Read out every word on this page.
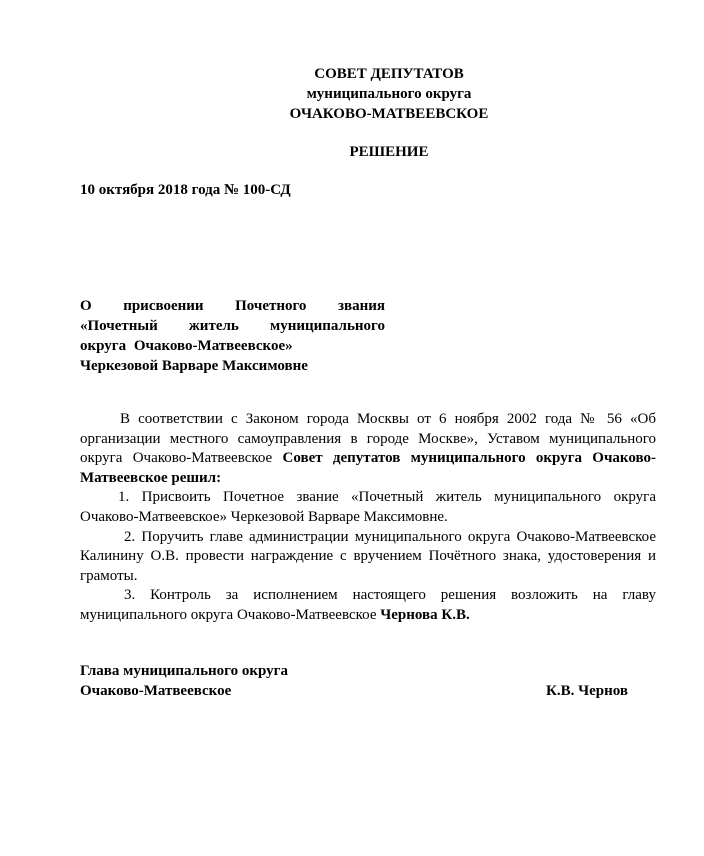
СОВЕТ ДЕПУТАТОВ
муниципального округа
ОЧАКОВО-МАТВЕЕВСКОЕ
РЕШЕНИЕ
10 октября 2018 года № 100-СД
О присвоении Почетного звания
«Почетный житель муниципального
округа Очаково-Матвеевское»
Черкезовой Варваре Максимовне

В соответствии с Законом города Москвы от 6 ноября 2002 года № 56 «Об организации местного самоуправления в городе Москве», Уставом муниципального округа Очаково-Матвеевское Совет депутатов муниципального округа Очаково-Матвеевское решил:

1. Присвоить Почетное звание «Почетный житель муниципального округа Очаково-Матвеевское» Черкезовой Варваре Максимовне.

2. Поручить главе администрации муниципального округа Очаково-Матвеевское Калинину О.В. провести награждение с вручением Почётного знака, удостоверения и грамоты.

3. Контроль за исполнением настоящего решения возложить на главу муниципального округа Очаково-Матвеевское Чернова К.В.

Глава муниципального округа
Очаково-Матвеевское	К.В. Чернов
